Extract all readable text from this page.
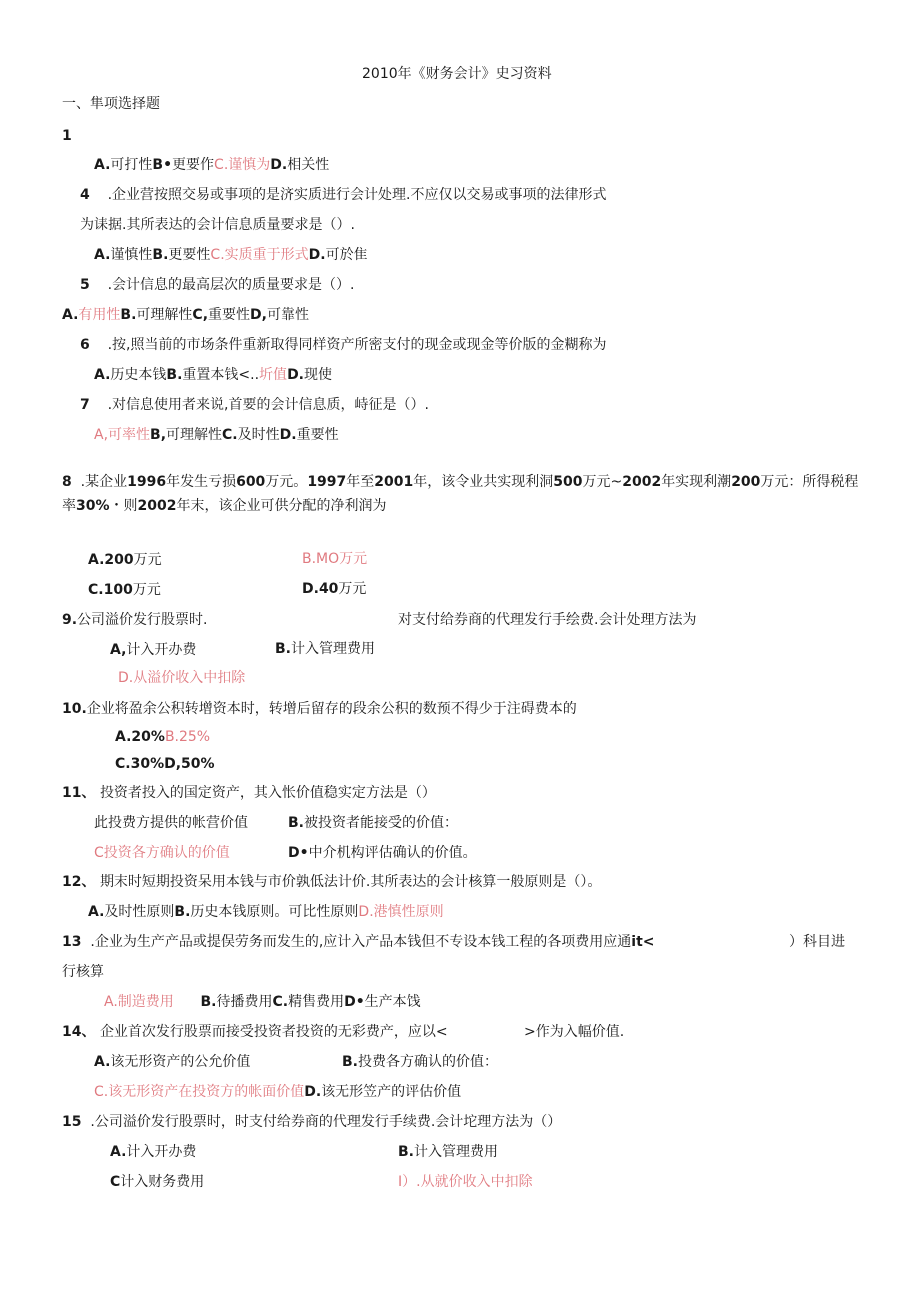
2010年《财务会计》史习资料
一、隼项选择题
1
A.可打性B•更要作C.谨慎为D.相关性
4 .企业营按照交易或事项的是济实质进行会计处理.不应仅以交易或事项的法律形式
为诔据.其所表达的会计信息质量要求是（）.
A.谨慎性B.更要性C.实质重于形式D.可於隹
5 .会计信息的最高层次的质量要求是（）.
A.有用性B.可理解性C,重要性D,可靠性
6 .按,照当前的市场条件重新取得同样资产所密支付的现金或现金等价版的金糊称为
A.历史本钱B.重置本钱<..圻值D.现使
7 .对信息使用者来说,首要的会计信息质，峙征是（）.
A,可率性B,可理解性C.及时性D.重要性
8 .某企业1996年发生亏损600万元。1997年至2001年，该令业共实现利洞500万元~2002年实现利潮200万元：所得税程
率30%・则2002年末，该企业可供分配的净利润为
A.200万元	B.MO万元
C.100万元	D.40万元
9.公司溢价发行股票时.	对支付给券商的代理发行手绘费.会计处理方法为
A,计入开办费	B.计入管理费用
D.从溢价收入中扣除
10.企业将盈余公积转增资本时，转增后留存的段余公积的数预不得少于注碍费本的
A.20%B.25%
C.30%D,50%
11、 投资者投入的国定资产，其入怅价值稳实定方法是（）
此投费方提供的帐营价值	B.被投资者能接受的价值：
C投资各方确认的价值	D•中介机构评估确认的价值。
12、 期末时短期投资呆用本钱与市价孰低法计价.其所表达的会计核算一般原则是（）。
A.及时性原则B.历史本钱原则。可比性原则D.港慎性原则
13 .企业为生产产品或提俣劳务而发生的,应计入产品本钱但不专设本钱工程的各项费用应通it<	）科目进
行核算
A.制造费用 B.待播费用C.精售费用D•生产本饯
14、 企业首次发行股票而接受投资者投资的无彩费产，应以<	>作为入幅价值.
A.该无形资产的公允价值	B.投费各方确认的价值：
C.该无形资产在投资方的帐面价值D.该无形笠产的评估价值
15 .公司溢价发行股票时，时支付给券商的代理发行手续费.会计坨理方法为（）
A.计入开办费	B.计入管理费用
C计入财务费用	I）.从就价收入中扣除
